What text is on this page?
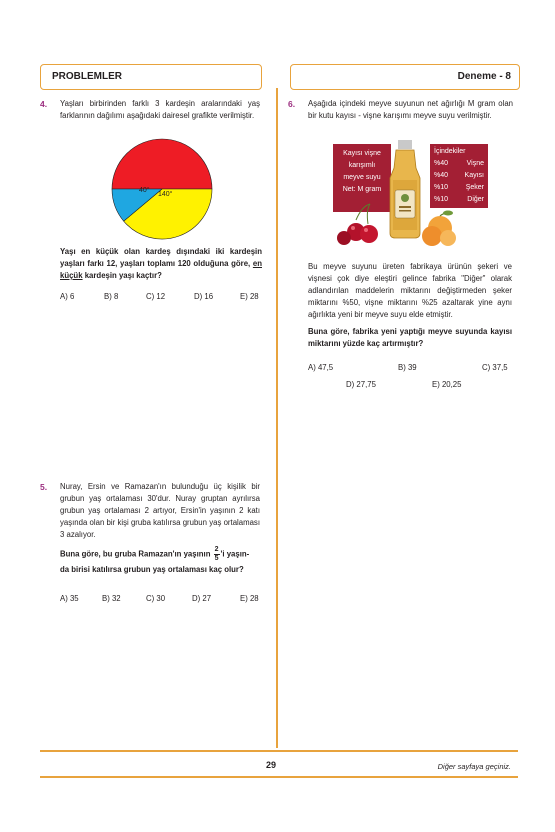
PROBLEMLER	Deneme - 8
4. Yaşları birbirinden farklı 3 kardeşin aralarındaki yaş farklarının dağılımı aşağıdaki dairesel grafikte verilmiştir.
140°
40°
Yaşı en küçük olan kardeş dışındaki iki kardeşin yaşları farkı 12, yaşları toplamı 120 olduğuna göre, en küçük kardeşin yaşı kaçtır?
A) 6	B) 8	C) 12	D) 16	E) 28
5. Nuray, Ersin ve Ramazan'ın bulunduğu üç kişilik bir grubun yaş ortalaması 30'dur. Nuray gruptan ayrılırsa grubun yaş ortalaması 2 artıyor, Ersin'in yaşının 2 katı yaşında olan bir kişi gruba katılırsa grubun yaş ortalaması 3 azalıyor.
Buna göre, bu gruba Ramazan'ın yaşının $\frac{2}{5}$ 'i yaşın-
da birisi katılırsa grubun yaş ortalaması kaç olur?
A) 35	B) 32	C) 30	D) 27	E) 28
6. Aşağıda içindeki meyve suyunun net ağırlığı M gram olan bir kutu kayısı - vişne karışımı meyve suyu verilmiştir.
Kayısı vişne
karışımlı
meyve suyu
Net: M gram
İçindekiler
%40	Vişne
%40 Kayısı
%10	Şeker
%10	Diğer
Bu meyve suyunu üreten fabrikaya ürünün şekeri ve vişnesi çok diye eleştiri gelince fabrika "Diğer" olarak adlandırılan maddelerin miktarını değiştirmeden şeker miktarını %50, vişne miktarını %25 azaltarak yine aynı ağırlıkta yeni bir meyve suyu elde etmiştir.
Buna göre, fabrika yeni yaptığı meyve suyunda kayısı miktarını yüzde kaç artırmıştır?
A) 47,5	B) 39	C) 37,5
D) 27,75	E) 20,25
29	Diğer sayfaya geçiniz.
